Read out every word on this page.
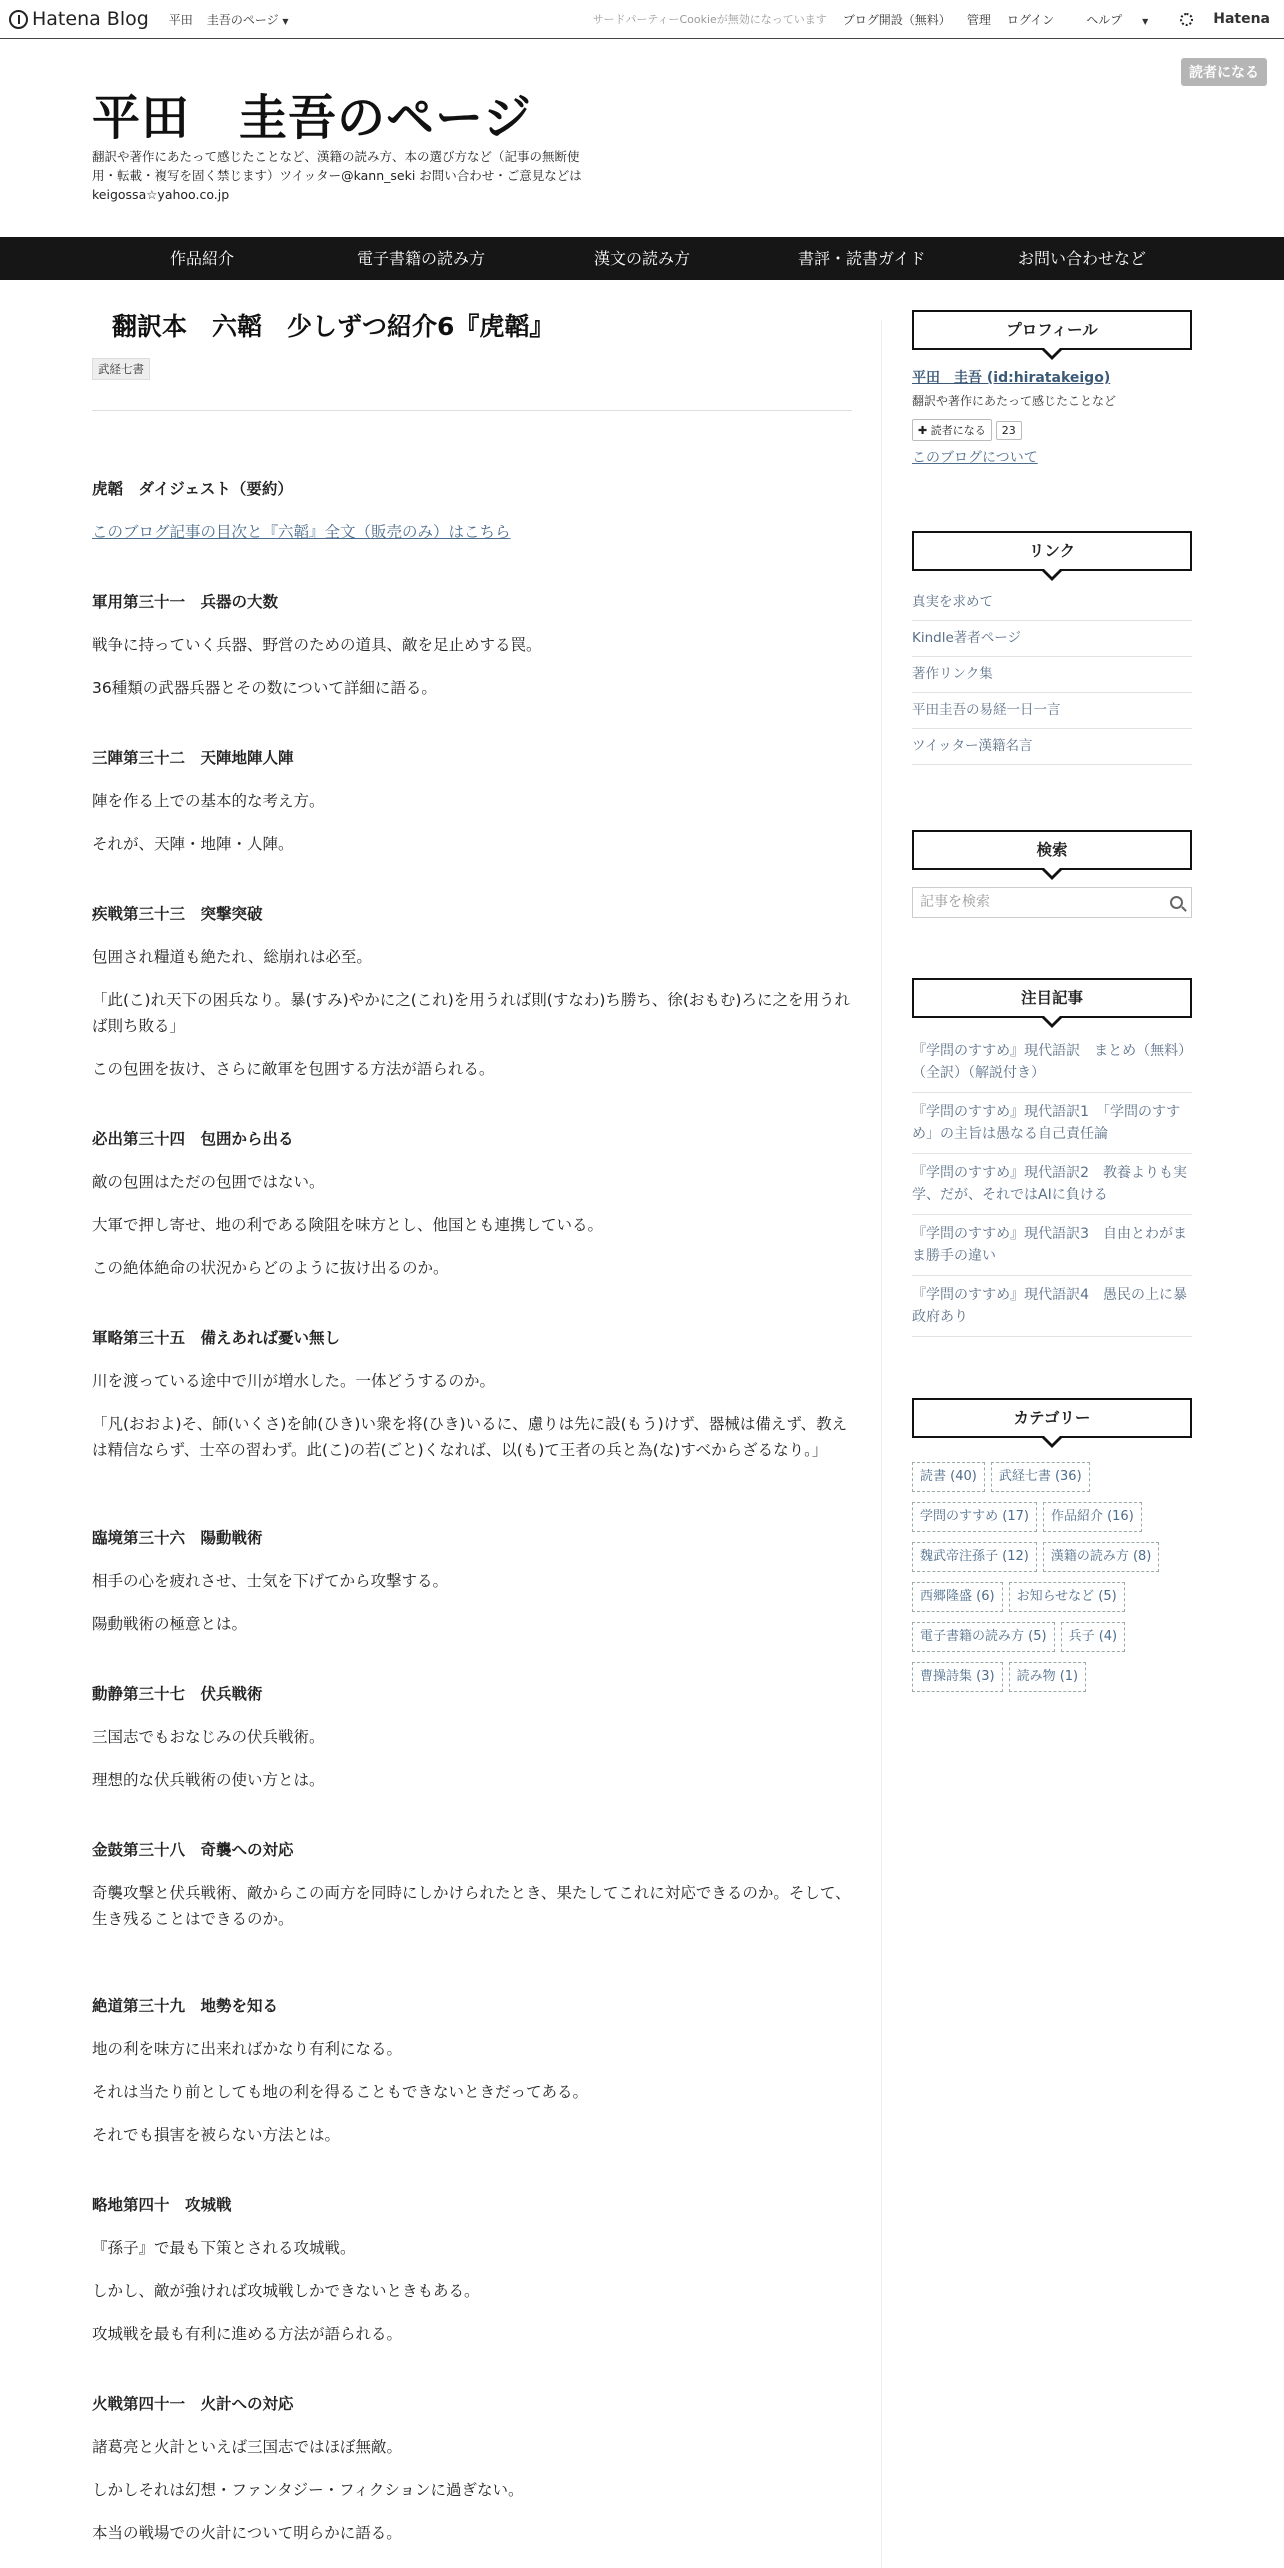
Hatena Blog 平田 圭吾のページ ▼	サードパーティーCookieが無効になっています ブログ開設（無料） 管理 ログイン	ヘルプ ▼	Hatena
平田　圭吾のページ
翻訳や著作にあたって感じたことなど、漢籍の読み方、本の選び方など（記事の無断使用・転載・複写を固く禁じます）ツイッター@kann_seki お問い合わせ・ご意見などはkeigossa☆yahoo.co.jp
読者になる
作品紹介	電子書籍の読み方	漢文の読み方	書評・読書ガイド	お問い合わせなど
翻訳本　六韜　少しずつ紹介6『虎韜』
武経七書

虎韜　ダイジェスト（要約）

このブログ記事の目次と『六韜』全文（販売のみ）はこちら

軍用第三十一　兵器の大数

戦争に持っていく兵器、野営のための道具、敵を足止めする罠。

36種類の武器兵器とその数について詳細に語る。

三陣第三十二　天陣地陣人陣

陣を作る上での基本的な考え方。

それが、天陣・地陣・人陣。

疾戦第三十三　突撃突破

包囲され糧道も絶たれ、総崩れは必至。

「此(こ)れ天下の困兵なり。暴(すみ)やかに之(これ)を用うれば則(すなわ)ち勝ち、徐(おもむ)ろに之を用うれば則ち敗る」

この包囲を抜け、さらに敵軍を包囲する方法が語られる。

必出第三十四　包囲から出る

敵の包囲はただの包囲ではない。

大軍で押し寄せ、地の利である険阻を味方とし、他国とも連携している。

この絶体絶命の状況からどのように抜け出るのか。

軍略第三十五　備えあれば憂い無し

川を渡っている途中で川が増水した。一体どうするのか。

「凡(おおよ)そ、師(いくさ)を帥(ひき)い衆を将(ひき)いるに、慮りは先に設(もう)けず、器械は備えず、教えは精信ならず、士卒の習わず。此(こ)の若(ごと)くなれば、以(も)て王者の兵と為(な)すべからざるなり。」

臨境第三十六　陽動戦術

相手の心を疲れさせ、士気を下げてから攻撃する。

陽動戦術の極意とは。

動静第三十七　伏兵戦術

三国志でもおなじみの伏兵戦術。

理想的な伏兵戦術の使い方とは。

金鼓第三十八　奇襲への対応

奇襲攻撃と伏兵戦術、敵からこの両方を同時にしかけられたとき、果たしてこれに対応できるのか。そして、生き残ることはできるのか。

絶道第三十九　地勢を知る

地の利を味方に出来ればかなり有利になる。

それは当たり前としても地の利を得ることもできないときだってある。

それでも損害を被らない方法とは。

略地第四十　攻城戦

『孫子』で最も下策とされる攻城戦。

しかし、敵が強ければ攻城戦しかできないときもある。

攻城戦を最も有利に進める方法が語られる。

火戦第四十一　火計への対応

諸葛亮と火計といえば三国志ではほぼ無敵。

しかしそれは幻想・ファンタジー・フィクションに過ぎない。

本当の戦場での火計について明らかに語る。

プロフィール
平田　圭吾 (id:hiratakeigo)
翻訳や著作にあたって感じたことなど
✚ 読者になる	23
このブログについて
リンク
真実を求めて
Kindle著者ページ
著作リンク集
平田圭吾の易経一日一言
ツイッター漢籍名言
検索
記事を検索
注目記事
『学問のすすめ』現代語訳　まとめ（無料）（全訳）（解説付き）
『学問のすすめ』現代語訳1　「学問のすすめ」の主旨は愚なる自己責任論
『学問のすすめ』現代語訳2　教養よりも実学、だが、それではAIに負ける
『学問のすすめ』現代語訳3　自由とわがまま勝手の違い
『学問のすすめ』現代語訳4　愚民の上に暴政府あり
カテゴリー
読書 (40) 武経七書 (36)
学問のすすめ (17) 作品紹介 (16)
魏武帝注孫子 (12) 漢籍の読み方 (8)
西郷隆盛 (6) お知らせなど (5)
電子書籍の読み方 (5) 兵子 (4)
曹操詩集 (3) 読み物 (1)
